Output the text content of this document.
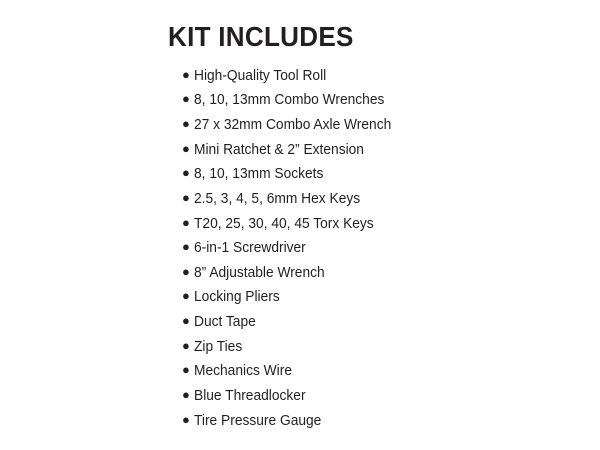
KIT INCLUDES
● High-Quality Tool Roll
● 8, 10, 13mm Combo Wrenches
● 27 x 32mm Combo Axle Wrench
● Mini Ratchet & 2” Extension
● 8, 10, 13mm Sockets
● 2.5, 3, 4, 5, 6mm Hex Keys
● T20, 25, 30, 40, 45 Torx Keys
● 6-in-1 Screwdriver
● 8” Adjustable Wrench
● Locking Pliers
● Duct Tape
● Zip Ties
● Mechanics Wire
● Blue Threadlocker
● Tire Pressure Gauge
